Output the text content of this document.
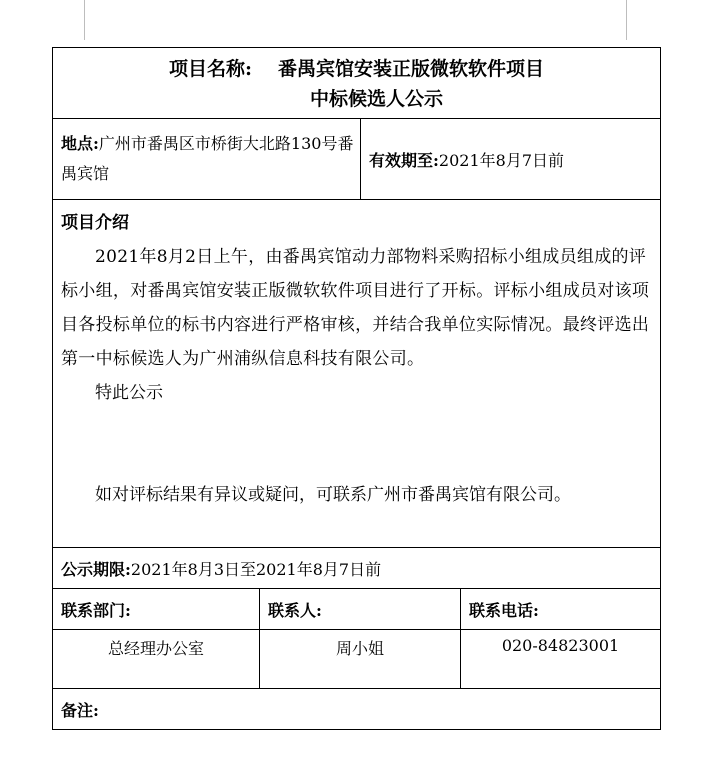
项目名称: 番禺宾馆安装正版微软软件项目
中标候选人公示			

地点:广州市番禺区市桥街大北路130号番禺宾馆		有效期至:2021年8月7日前	

项目介绍
2021年8月2日上午，由番禺宾馆动力部物料采购招标小组成员组成的评标小组，对番禺宾馆安装正版微软软件项目进行了开标。评标小组成员对该项目各投标单位的标书内容进行严格审核，并结合我单位实际情况。最终评选出第一中标候选人为广州浦纵信息科技有限公司。
特此公示
如对评标结果有异议或疑问，可联系广州市番禺宾馆有限公司。			

公示期限:2021年8月3日至2021年8月7日前			
联系部门:	联系人:		联系电话:
总经理办公室	周小姐		020-84823001
备注:			
